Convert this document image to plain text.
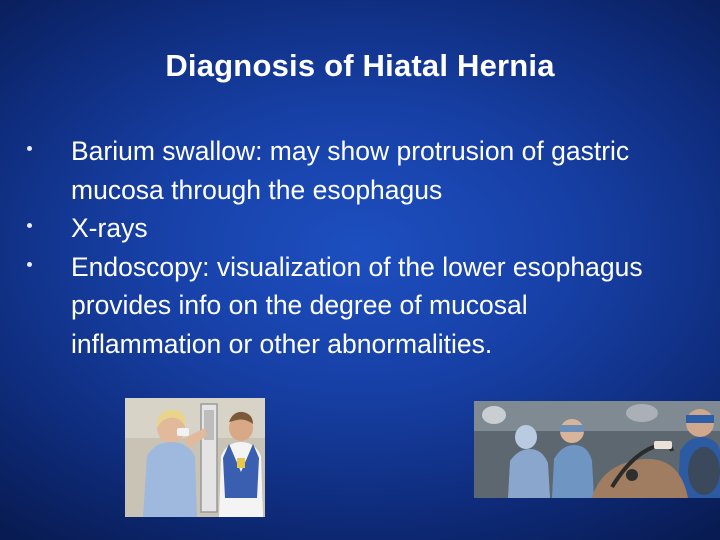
Diagnosis of Hiatal Hernia
Barium swallow: may show protrusion of gastric mucosa through the esophagus
X-rays
Endoscopy: visualization of the lower esophagus provides info on the degree of mucosal inflammation or other abnormalities.
